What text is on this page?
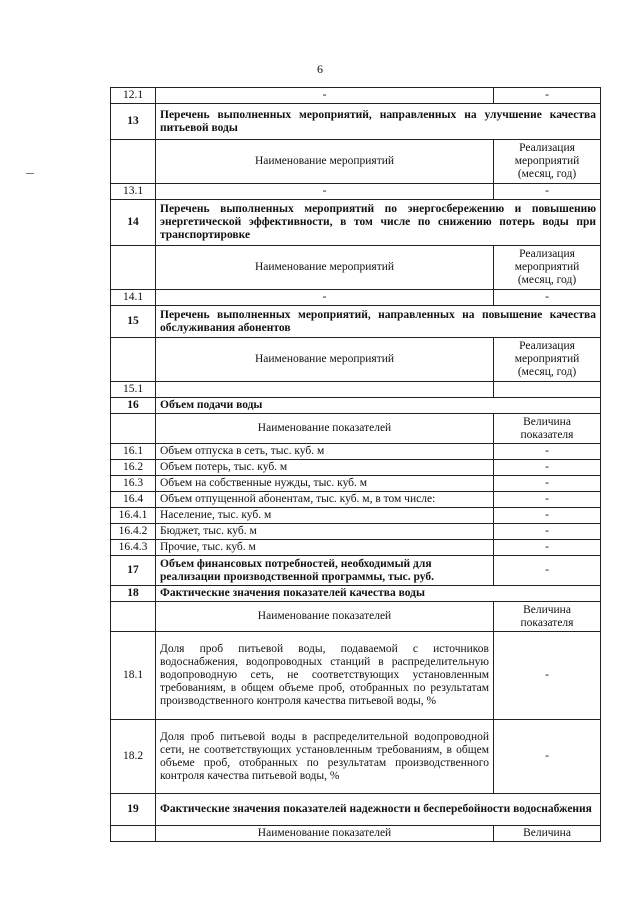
6
12.1	-	-
13	Перечень выполненных мероприятий, направленных на улучшение качества питьевой воды	
	Наименование мероприятий	Реализация мероприятий (месяц, год)
13.1	-	-
14	Перечень выполненных мероприятий по энергосбережению и повышению энергетической эффективности, в том числе по снижению потерь воды при транспортировке	
	Наименование мероприятий	Реализация мероприятий (месяц, год)
14.1	-	-
15	Перечень выполненных мероприятий, направленных на повышение качества обслуживания абонентов	
	Наименование мероприятий	Реализация мероприятий (месяц, год)
15.1		
16	Объем подачи воды	
	Наименование показателей	Величина показателя
16.1	Объем отпуска в сеть, тыс. куб. м	-
16.2	Объем потерь, тыс. куб. м	-
16.3	Объем на собственные нужды, тыс. куб. м	-
16.4	Объем отпущенной абонентам, тыс. куб. м, в том числе:	-
16.4.1	Население, тыс. куб. м	-
16.4.2	Бюджет, тыс. куб. м	-
16.4.3	Прочие, тыс. куб. м	-
17	Объем финансовых потребностей, необходимый для реализации производственной программы, тыс. руб.	-
18	Фактические значения показателей качества воды	
	Наименование показателей	Величина показателя
18.1	Доля проб питьевой воды, подаваемой с источников водоснабжения, водопроводных станций в распределительную водопроводную сеть, не соответствующих установленным требованиям, в общем объеме проб, отобранных по результатам производственного контроля качества питьевой воды, %	-
18.2	Доля проб питьевой воды в распределительной водопроводной сети, не соответствующих установленным требованиям, в общем объеме проб, отобранных по результатам производственного контроля качества питьевой воды, %	-
19	Фактические значения показателей надежности и бесперебойности водоснабжения	
	Наименование показателей	Величина
